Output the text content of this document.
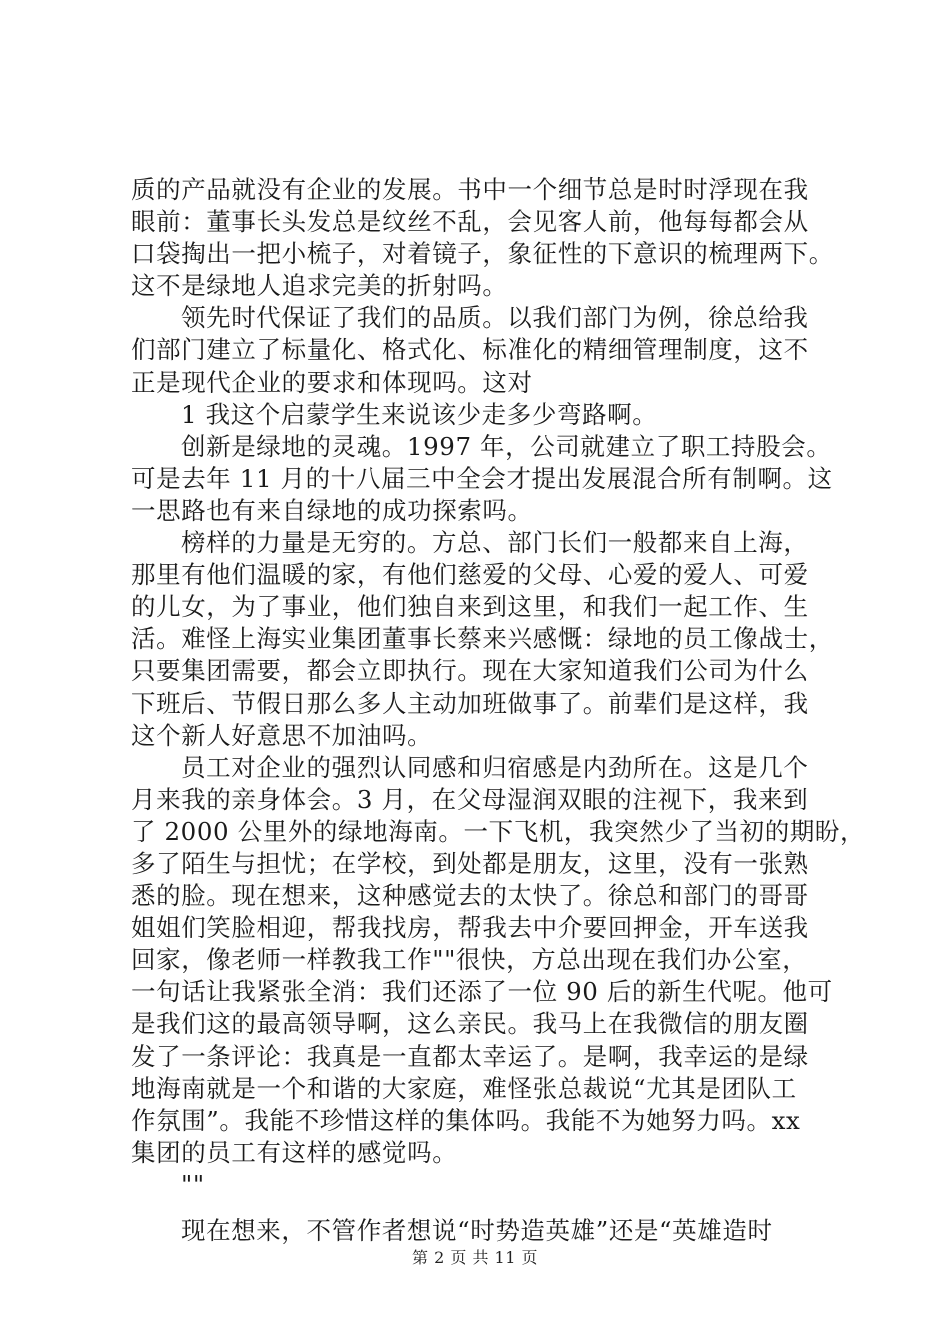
质的产品就没有企业的发展。书中一个细节总是时时浮现在我
眼前：董事长头发总是纹丝不乱，会见客人前，他每每都会从
口袋掏出一把小梳子，对着镜子，象征性的下意识的梳理两下。
这不是绿地人追求完美的折射吗。
领先时代保证了我们的品质。以我们部门为例，徐总给我
们部门建立了标量化、格式化、标准化的精细管理制度，这不
正是现代企业的要求和体现吗。这对
1 我这个启蒙学生来说该少走多少弯路啊。
创新是绿地的灵魂。1997 年，公司就建立了职工持股会。
可是去年 11 月的十八届三中全会才提出发展混合所有制啊。这
一思路也有来自绿地的成功探索吗。
榜样的力量是无穷的。方总、部门长们一般都来自上海，
那里有他们温暖的家，有他们慈爱的父母、心爱的爱人、可爱
的儿女，为了事业，他们独自来到这里，和我们一起工作、生
活。难怪上海实业集团董事长蔡来兴感慨：绿地的员工像战士，
只要集团需要，都会立即执行。现在大家知道我们公司为什么
下班后、节假日那么多人主动加班做事了。前辈们是这样，我
这个新人好意思不加油吗。
员工对企业的强烈认同感和归宿感是内劲所在。这是几个
月来我的亲身体会。3 月，在父母湿润双眼的注视下，我来到
了 2000 公里外的绿地海南。一下飞机，我突然少了当初的期盼，
多了陌生与担忧；在学校，到处都是朋友，这里，没有一张熟
悉的脸。现在想来，这种感觉去的太快了。徐总和部门的哥哥
姐姐们笑脸相迎，帮我找房，帮我去中介要回押金，开车送我
回家，像老师一样教我工作""很快，方总出现在我们办公室，
一句话让我紧张全消：我们还添了一位 90 后的新生代呢。他可
是我们这的最高领导啊，这么亲民。我马上在我微信的朋友圈
发了一条评论：我真是一直都太幸运了。是啊，我幸运的是绿
地海南就是一个和谐的大家庭，难怪张总裁说“尤其是团队工
作氛围”。我能不珍惜这样的集体吗。我能不为她努力吗。xx
集团的员工有这样的感觉吗。
""
现在想来，不管作者想说“时势造英雄”还是“英雄造时
第 2 页 共 11 页
